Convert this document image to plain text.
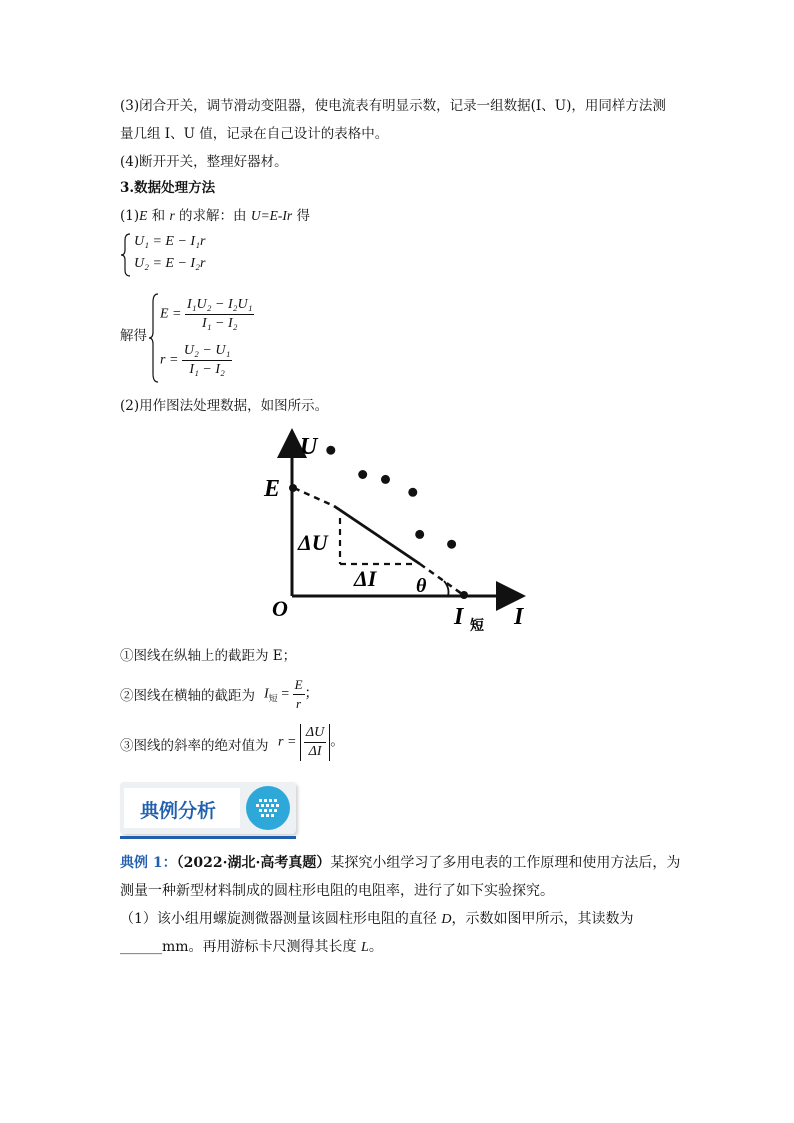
(3)闭合开关，调节滑动变阻器，使电流表有明显示数，记录一组数据(I、U)，用同样方法测
量几组 I、U 值，记录在自己设计的表格中。
(4)断开开关，整理好器材。
3.数据处理方法
(1)E 和 r 的求解：由 U=E-Ir 得
U₁ = E − I₁r
U₂ = E − I₂r
解得
$E = \frac{\text{I₁U₂ − I₂U₁}}{\text{I₁ − I₂}}$
$r = \frac{\text{U₂ − U₁}}{\text{I₁ − I₂}}$
(2)用作图法处理数据，如图所示。
U
I
O
E
ΔU
ΔI θ
I 短
①图线在纵轴上的截距为 E；
②图线在横轴的截距为 $I_短 = \frac{E}{r}$ ；
③图线的斜率的绝对值为 $r = \frac{\Delta U}{\Delta I}$ 。
典例分析
典例 1：（2022·湖北·高考真题）某探究小组学习了多用电表的工作原理和使用方法后，为
测量一种新型材料制成的圆柱形电阻的电阻率，进行了如下实验探究。
（1）该小组用螺旋测微器测量该圆柱形电阻的直径 D，示数如图甲所示，其读数为
______mm。再用游标卡尺测得其长度 L。
